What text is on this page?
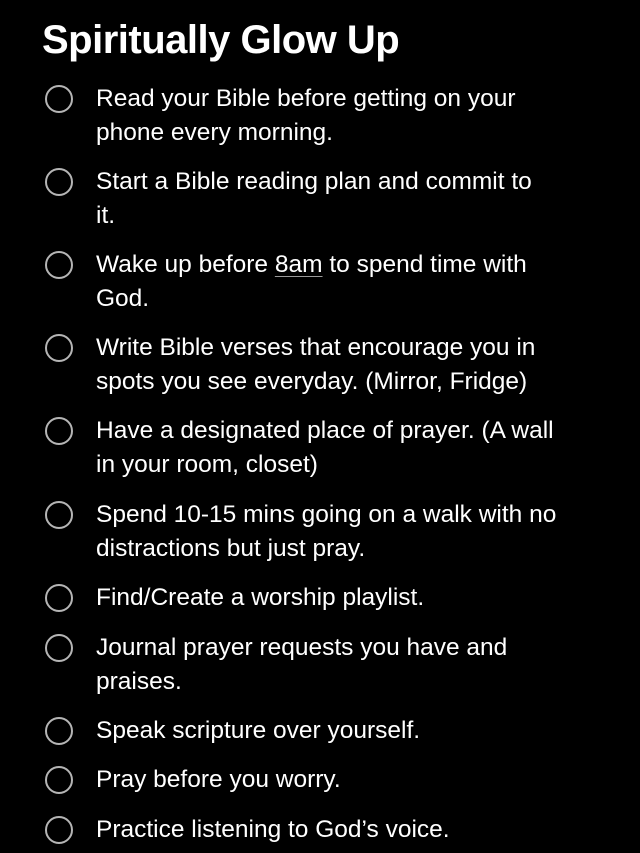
Spiritually Glow Up
Read your Bible before getting on your
phone every morning.
Start a Bible reading plan and commit to
it.
Wake up before 8am to spend time with
God.
Write Bible verses that encourage you in
spots you see everyday. (Mirror, Fridge)
Have a designated place of prayer. (A wall
in your room, closet)
Spend 10-15 mins going on a walk with no
distractions but just pray.
Find/Create a worship playlist.
Journal prayer requests you have and
praises.
Speak scripture over yourself.
Pray before you worry.
Practice listening to God’s voice.
